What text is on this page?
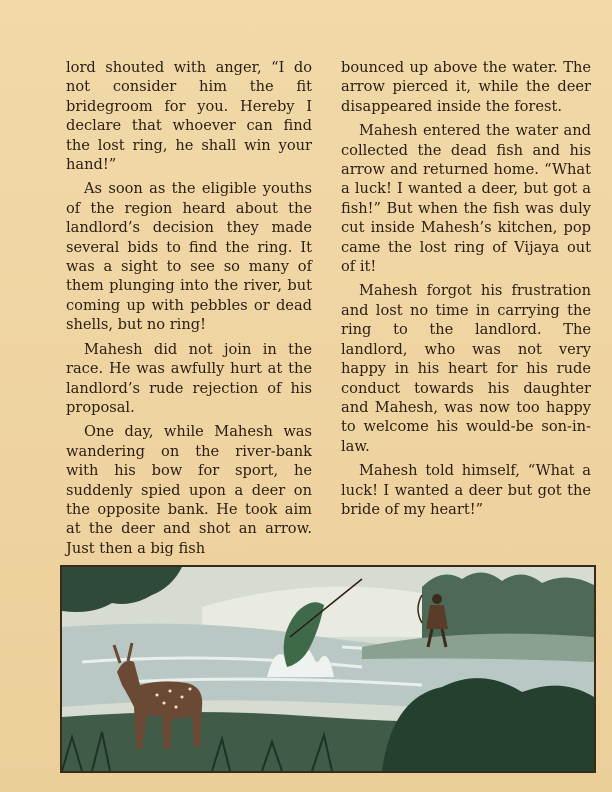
lord shouted with anger, “I do not consider him the fit bridegroom for you. Hereby I declare that whoever can find the lost ring, he shall win your hand!”

As soon as the eligible youths of the region heard about the landlord’s decision they made several bids to find the ring. It was a sight to see so many of them plunging into the river, but coming up with pebbles or dead shells, but no ring!

Mahesh did not join in the race. He was awfully hurt at the landlord’s rude rejection of his proposal.

One day, while Mahesh was wandering on the river-bank with his bow for sport, he suddenly spied upon a deer on the opposite bank. He took aim at the deer and shot an arrow. Just then a big fish

bounced up above the water. The arrow pierced it, while the deer disappeared inside the forest.

Mahesh entered the water and collected the dead fish and his arrow and returned home. “What a luck! I wanted a deer, but got a fish!” But when the fish was duly cut inside Mahesh’s kitchen, pop came the lost ring of Vijaya out of it!

Mahesh forgot his frustration and lost no time in carrying the ring to the landlord. The landlord, who was not very happy in his heart for his rude conduct towards his daughter and Mahesh, was now too happy to welcome his would-be son-in-law.

Mahesh told himself, “What a luck! I wanted a deer but got the bride of my heart!”
